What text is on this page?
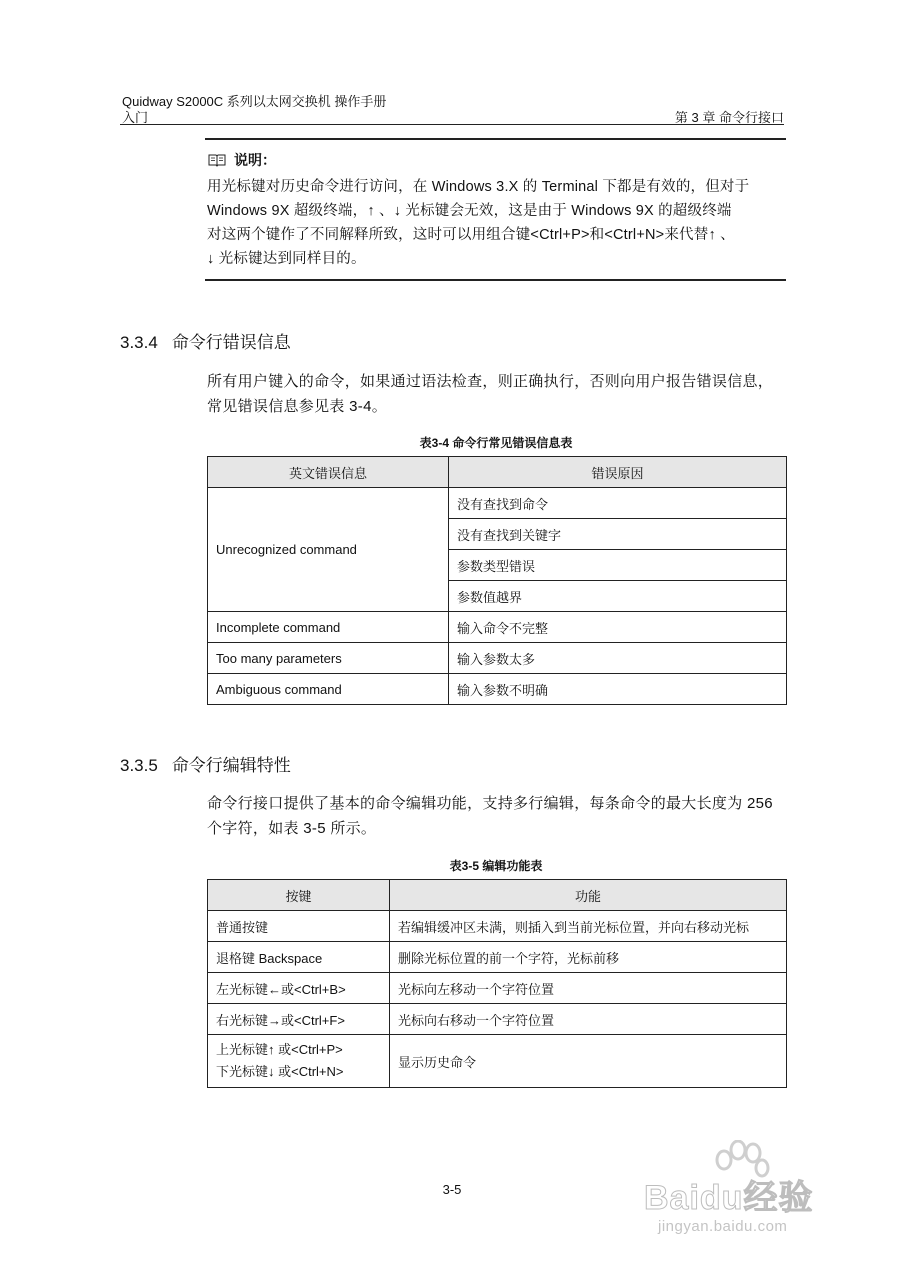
Quidway S2000C 系列以太网交换机 操作手册
入门	第 3 章 命令行接口
说明：
用光标键对历史命令进行访问，在 Windows 3.X 的 Terminal 下都是有效的，但对于
Windows 9X 超级终端，↑ 、↓ 光标键会无效，这是由于 Windows 9X 的超级终端
对这两个键作了不同解释所致，这时可以用组合键<Ctrl+P>和<Ctrl+N>来代替↑ 、
↓ 光标键达到同样目的。
3.3.4 命令行错误信息
所有用户键入的命令，如果通过语法检查，则正确执行，否则向用户报告错误信息，
常见错误信息参见表 3-4。
表3-4 命令行常见错误信息表
英文错误信息	错误原因
Unrecognized command	没有查找到命令
	没有查找到关键字
	参数类型错误
	参数值越界
Incomplete command	输入命令不完整
Too many parameters	输入参数太多
Ambiguous command	输入参数不明确
3.3.5 命令行编辑特性
命令行接口提供了基本的命令编辑功能，支持多行编辑，每条命令的最大长度为 256
个字符，如表 3-5 所示。
表3-5 编辑功能表
按键	功能
普通按键	若编辑缓冲区未满，则插入到当前光标位置，并向右移动光标
退格键 Backspace	删除光标位置的前一个字符，光标前移
左光标键←或<Ctrl+B>	光标向左移动一个字符位置
右光标键→或<Ctrl+F>	光标向右移动一个字符位置

上光标键↑ 或<Ctrl+P>
下光标键↓ 或<Ctrl+N>	显示历史命令
3-5	Baidu经验
jingyan.baidu.com
